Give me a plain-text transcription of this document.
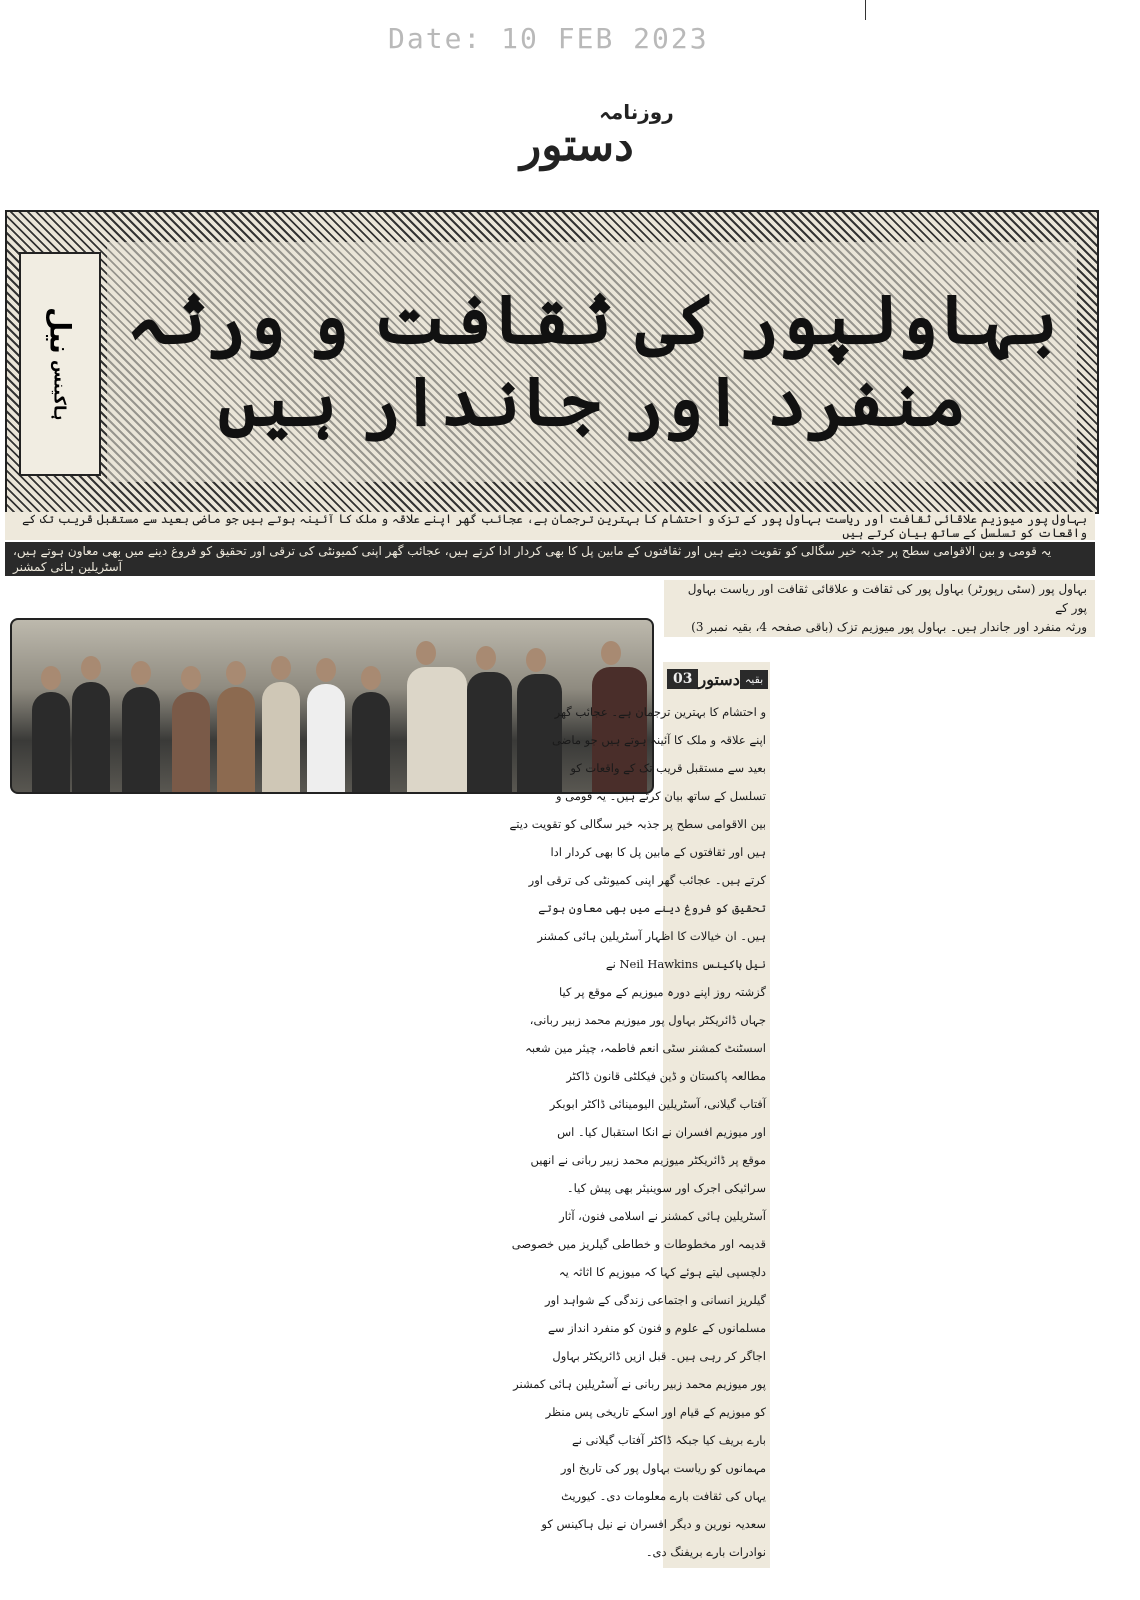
Date: 10 FEB 2023
روزنامہ
دستور
نیل
ہاکینس
بہاولپور کی ثقافت و ورثہ منفرد اور جاندار ہیں
بہاول پور میوزیم علاقائی ثقافت اور ریاست بہاول پور کے تزک و احتشام کا بہترین ترجمان ہے، عجائب گھر اپنے علاقہ و ملک کا آئینہ ہوتے ہیں جو ماضی بعید سے مستقبل قریب تک کے واقعات کو تسلسل کے ساتھ بیان کرتے ہیں
یہ قومی و بین الاقوامی سطح پر جذبہ خیر سگالی کو تقویت دیتے ہیں اور ثقافتوں کے مابین پل کا بھی کردار ادا کرتے ہیں، عجائب گھر اپنی کمیونٹی کی ترقی اور تحقیق کو فروغ دینے میں بھی معاون ہوتے ہیں، آسٹریلین ہائی کمشنر
بہاول پور (سٹی رپورٹر) بہاول پور کی ثقافت و علاقائی ثقافت اور ریاست بہاول پور کے
ورثہ منفرد اور جاندار ہیں۔ بہاول پور میوزیم تزک (باقی صفحہ 4، بقیہ نمبر 3)
03 دستور بقیہ
و احتشام کا بہترین ترجمان ہے۔ عجائب گھر
اپنے علاقہ و ملک کا آئینہ ہوتے ہیں جو ماضی
بعید سے مستقبل قریب تک کے واقعات کو
تسلسل کے ساتھ بیان کرتے ہیں۔ یہ قومی و
بین الاقوامی سطح پر جذبہ خیر سگالی کو تقویت دیتے
ہیں اور ثقافتوں کے مابین پل کا بھی کردار ادا
کرتے ہیں۔ عجائب گھر اپنی کمیونٹی کی ترقی اور
تحقیق کو فروغ دینے میں بھی معاون ہوتے
ہیں۔ ان خیالات کا اظہار آسٹریلین ہائی کمشنر
نیل ہاکینس Neil Hawkins نے
گزشتہ روز اپنے دورہ میوزیم کے موقع پر کیا
جہاں ڈائریکٹر بہاول پور میوزیم محمد زبیر ربانی،
اسسٹنٹ کمشنر سٹی انعم فاطمہ، چیئر مین شعبہ
مطالعہ پاکستان و ڈین فیکلٹی قانون ڈاکٹر
آفتاب گیلانی، آسٹریلین الیومینائی ڈاکٹر ابوبکر
اور میوزیم افسران نے انکا استقبال کیا۔ اس
موقع پر ڈائریکٹر میوزیم محمد زبیر ربانی نے انھیں
سرائیکی اجرک اور سوینیئر بھی پیش کیا۔
آسٹریلین ہائی کمشنر نے اسلامی فنون، آثار
قدیمہ اور مخطوطات و خطاطی گیلریز میں خصوصی
دلچسپی لیتے ہوئے کہا کہ میوزیم کا اثاثہ یہ
گیلریز انسانی و اجتماعی زندگی کے شواہد اور
مسلمانوں کے علوم و فنون کو منفرد انداز سے
اجاگر کر رہی ہیں۔ قبل ازیں ڈائریکٹر بہاول
پور میوزیم محمد زبیر ربانی نے آسٹریلین ہائی کمشنر
کو میوزیم کے قیام اور اسکے تاریخی پس منظر
بارے بریف کیا جبکہ ڈاکٹر آفتاب گیلانی نے
مہمانوں کو ریاست بہاول پور کی تاریخ اور
یہاں کی ثقافت بارے معلومات دی۔ کیوریٹ
سعدیہ نورین و دیگر افسران نے نیل ہاکینس کو
نوادرات بارے بریفنگ دی۔
